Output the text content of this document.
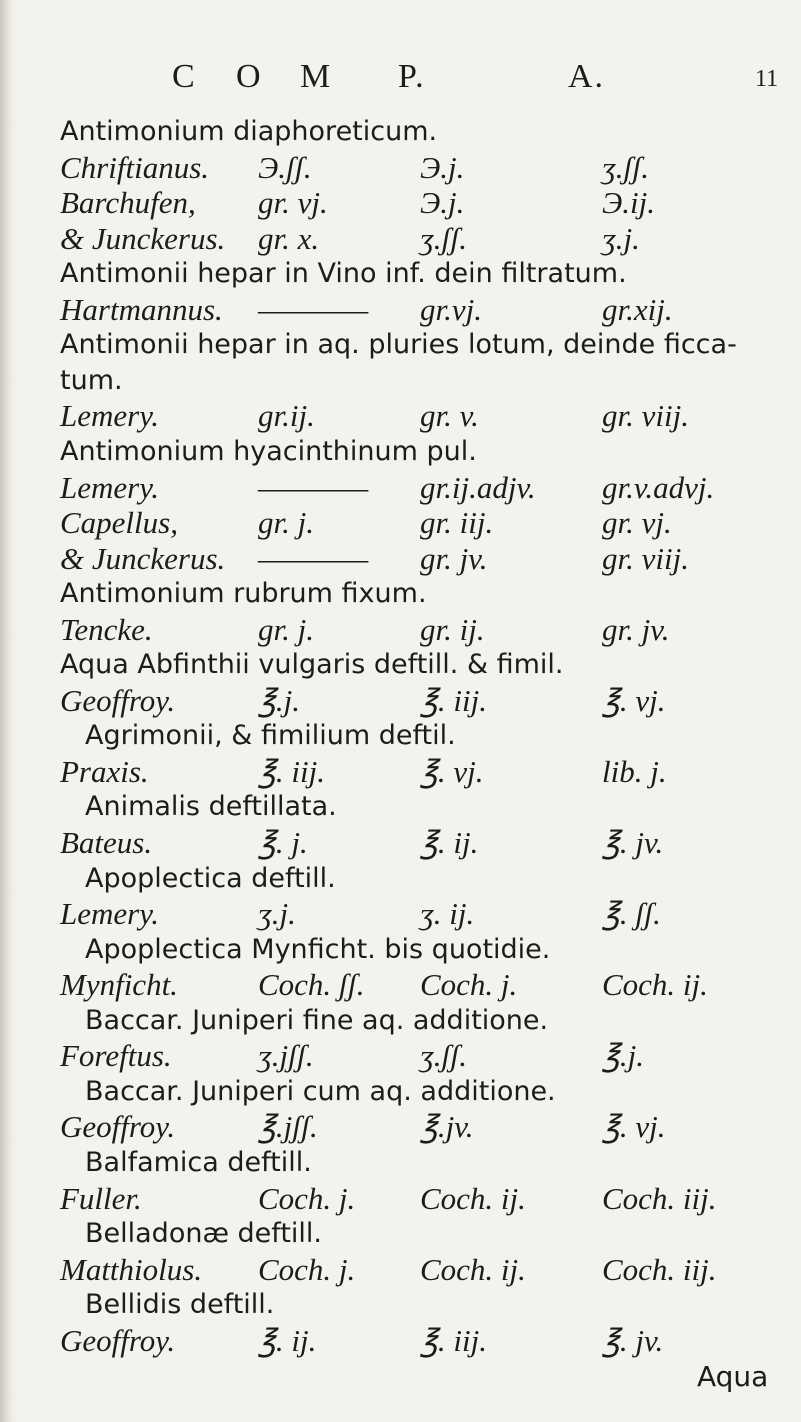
C O M P.	A.	11
Antimonium diaphoreticum.
Chriftianus. Э.ʃʃ.	Э.j.	ʒ.ʃʃ.
Barchufen, gr. vj.	Э.j.	Э.ij.
& Junckerus. gr. x.	ʒ.ʃʃ.	ʒ.j.
Antimonii hepar in Vino inf. dein filtratum.
Hartmannus. ———— gr.vj.	gr.xij.
Antimonii hepar in aq. pluries lotum, deinde ficca-
tum.
Lemery.	gr.ij.	gr. v.	gr. viij.
Antimonium hyacinthinum pul.
Lemery.	———— gr.ij.adjv. gr.v.advj.
Capellus,	gr. j.	gr. iij.	gr. vj.
& Junckerus. ———— gr. jv.	gr. viij.
Antimonium rubrum fixum.
Tencke.	gr. j.	gr. ij.	gr. jv.
Aqua Abfinthii vulgaris deftill. & fimil.
Geoffroy.	℥.j.	℥. iij.	℥. vj.
Agrimonii, & fimilium deftil.
Praxis.	℥. iij.	℥. vj.	lib. j.
Animalis deftillata.
Bateus.	℥. j.	℥. ij.	℥. jv.
Apoplectica deftill.
Lemery.	ʒ.j.	ʒ. ij.	℥. ʃʃ.
Apoplectica Mynficht. bis quotidie.
Mynficht.	Coch. ʃʃ. Coch. j.	Coch. ij.
Baccar. Juniperi fine aq. additione.
Foreftus.	ʒ.jʃʃ.	ʒ.ʃʃ.	℥.j.
Baccar. Juniperi cum aq. additione.
Geoffroy.	℥.jʃʃ.	℥.jv.	℥. vj.
Balfamica deftill.
Fuller.	Coch. j. Coch. ij. Coch. iij.
Belladonæ deftill.
Matthiolus. Coch. j. Coch. ij. Coch. iij.
Bellidis deftill.
Geoffroy.	℥. ij.	℥. iij.	℥. jv.
Aqua
